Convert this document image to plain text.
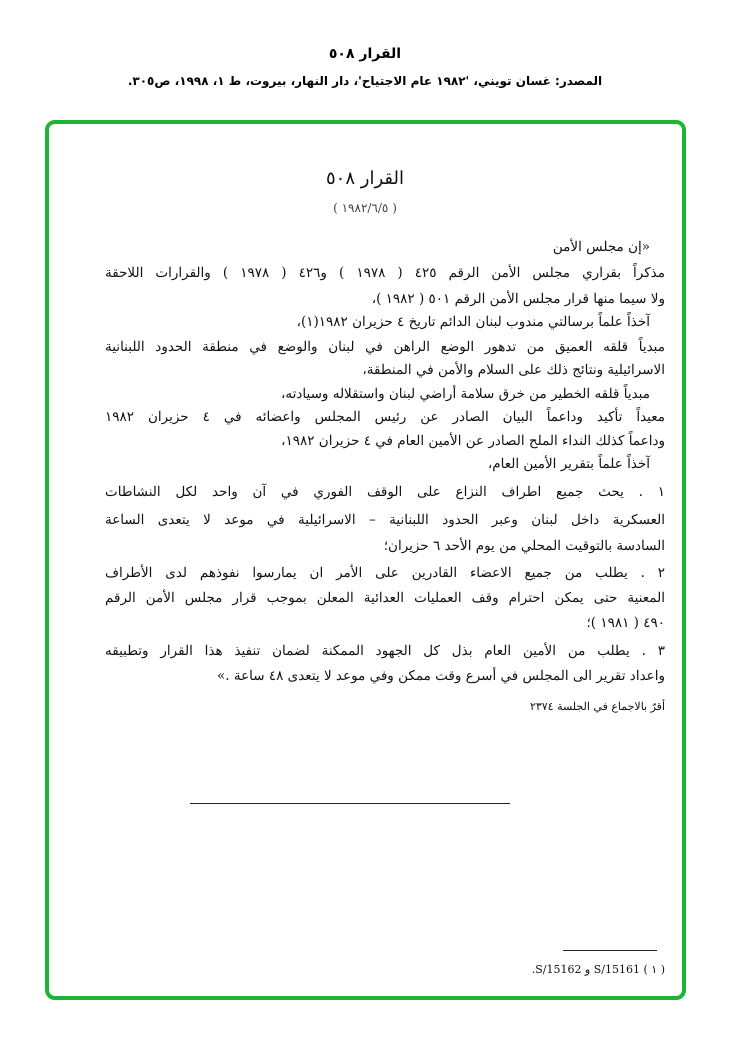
القرار ٥٠٨
المصدر: غسان تويني، '١٩٨٢ عام الاجتياح'، دار النهار، بيروت، ط ١، ١٩٩٨، ص٣٠٥.
القرار ٥٠٨
( ١٩٨٢/٦/٥ )
«إن مجلس الأمن
مذكراً بقراري مجلس الأمن الرقم ٤٢٥ ( ١٩٧٨ ) و٤٢٦ ( ١٩٧٨ ) والقرارات اللاحقة
ولا سيما منها قرار مجلس الأمن الرقم ٥٠١ ( ١٩٨٢ )،
آخذاً علماً برسالتي مندوب لبنان الدائم تاريخ ٤ حزيران ١٩٨٢(١)،
مبدياً قلقه العميق من تدهور الوضع الراهن في لبنان والوضع في منطقة الحدود اللبنانية
الاسرائيلية ونتائج ذلك على السلام والأمن في المنطقة،
مبدياً قلقه الخطير من خرق سلامة أراضي لبنان واستقلاله وسيادته،
معيداً تأكيد وداعماً البيان الصادر عن رئيس المجلس واعضائه في ٤ حزيران ١٩٨٢
وداعماً كذلك النداء الملح الصادر عن الأمين العام في ٤ حزيران ١٩٨٢،
آخذاً علماً بتقرير الأمين العام،
١ . يحث جميع اطراف النزاع على الوقف الفوري في آن واحد لكل النشاطات
العسكرية داخل لبنان وعبر الحدود اللبنانية – الاسرائيلية في موعد لا يتعدى الساعة
السادسة بالتوقيت المحلي من يوم الأحد ٦ حزيران؛
٢ . يطلب من جميع الاعضاء القادرين على الأمر ان يمارسوا نفوذهم لدى الأطراف
المعنية حتى يمكن احترام وقف العمليات العدائية المعلن بموجب قرار مجلس الأمن الرقم
٤٩٠ ( ١٩٨١ )؛
٣ . يطلب من الأمين العام بذل كل الجهود الممكنة لضمان تنفيذ هذا القرار وتطبيقه
واعداد تقرير الى المجلس في أسرع وقت ممكن وفي موعد لا يتعدى ٤٨ ساعة .»
أقرّ بالاجماع في الجلسة ٢٣٧٤
( ١ ) S/15161 و S/15162.
